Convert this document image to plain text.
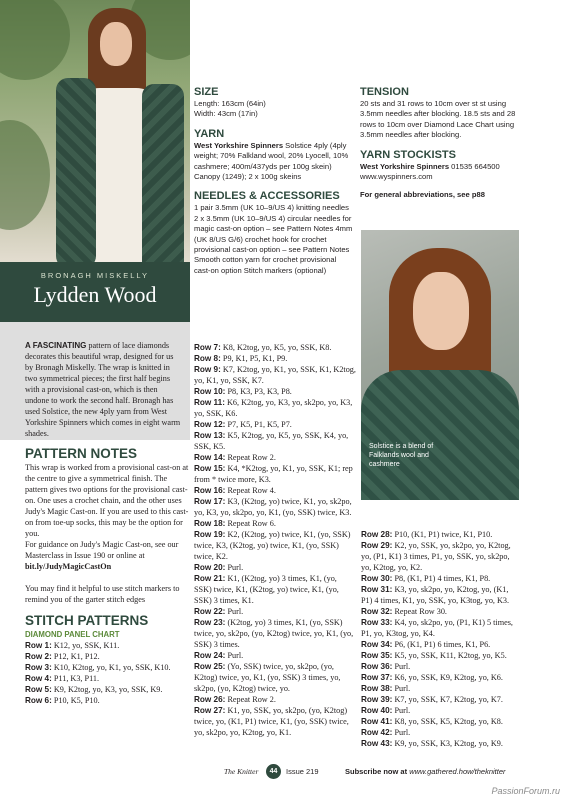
BRONAGH MISKELLY
Lydden Wood
A FASCINATING pattern of lace diamonds decorates this beautiful wrap, designed for us by Bronagh Miskelly. The wrap is knitted in two symmetrical pieces; the first half begins with a provisional cast-on, which is then undone to work the second half. Bronagh has used Solstice, the new 4ply yarn from West Yorkshire Spinners which comes in eight warm shades.
PATTERN NOTES
This wrap is worked from a provisional cast-on at the centre to give a symmetrical finish. The pattern gives two options for the provisional cast-on. One uses a crochet chain, and the other uses Judy's Magic Cast-on. If you are used to this cast-on from toe-up socks, this may be the option for you.
For guidance on Judy's Magic Cast-on, see our Masterclass in Issue 190 or online at
bit.ly/JudyMagicCastOn
You may find it helpful to use stitch markers to remind you of the garter stitch edges
STITCH PATTERNS
DIAMOND PANEL CHART
Row 1: K12, yo, SSK, K11.
Row 2: P12, K1, P12.
Row 3: K10, K2tog, yo, K1, yo, SSK, K10.
Row 4: P11, K3, P11.
Row 5: K9, K2tog, yo, K3, yo, SSK, K9.
Row 6: P10, K5, P10.
SIZE
Length: 163cm (64in)
Width: 43cm (17in)
YARN
West Yorkshire Spinners Solstice 4ply (4ply weight; 70% Falkland wool, 20% Lyocell, 10% cashmere; 400m/437yds per 100g skein) Canopy (1249); 2 x 100g skeins
NEEDLES & ACCESSORIES
1 pair 3.5mm (UK 10–9/US 4) knitting needles 2 x 3.5mm (UK 10–9/US 4) circular needles for magic cast-on option – see Pattern Notes 4mm (UK 8/US G/6) crochet hook for crochet provisional cast-on option – see Pattern Notes Smooth cotton yarn for crochet provisional cast-on option Stitch markers (optional)
TENSION
20 sts and 31 rows to 10cm over st st using 3.5mm needles after blocking. 18.5 sts and 28 rows to 10cm over Diamond Lace Chart using 3.5mm needles after blocking.
YARN STOCKISTS
West Yorkshire Spinners 01535 664500
www.wyspinners.com
For general abbreviations, see p88
Solstice is a blend of Falklands wool and cashmere
Row 7: K8, K2tog, yo, K5, yo, SSK, K8.
Row 8: P9, K1, P5, K1, P9.
Row 9: K7, K2tog, yo, K1, yo, SSK, K1, K2tog, yo, K1, yo, SSK, K7.
Row 10: P8, K3, P3, K3, P8.
Row 11: K6, K2tog, yo, K3, yo, sk2po, yo, K3, yo, SSK, K6.
Row 12: P7, K5, P1, K5, P7.
Row 13: K5, K2tog, yo, K5, yo, SSK, K4, yo, SSK, K5.
Row 14: Repeat Row 2.
Row 15: K4, *K2tog, yo, K1, yo, SSK, K1; rep from * twice more, K3.
Row 16: Repeat Row 4.
Row 17: K3, (K2tog, yo) twice, K1, yo, sk2po, yo, K3, yo, sk2po, yo, K1, (yo, SSK) twice, K3.
Row 18: Repeat Row 6.
Row 19: K2, (K2tog, yo) twice, K1, (yo, SSK) twice, K3, (K2tog, yo) twice, K1, (yo, SSK) twice, K2.
Row 20: Purl.
Row 21: K1, (K2tog, yo) 3 times, K1, (yo, SSK) twice, K1, (K2tog, yo) twice, K1, (yo, SSK) 3 times, K1.
Row 22: Purl.
Row 23: (K2tog, yo) 3 times, K1, (yo, SSK) twice, yo, sk2po, (yo, K2tog) twice, yo, K1, (yo, SSK) 3 times.
Row 24: Purl.
Row 25: (Yo, SSK) twice, yo, sk2po, (yo, K2tog) twice, yo, K1, (yo, SSK) 3 times, yo, sk2po, (yo, K2tog) twice, yo.
Row 26: Repeat Row 2.
Row 27: K1, yo, SSK, yo, sk2po, (yo, K2tog) twice, yo, (K1, P1) twice, K1, (yo, SSK) twice, yo, sk2po, yo, K2tog, yo, K1.
Row 28: P10, (K1, P1) twice, K1, P10.
Row 29: K2, yo, SSK, yo, sk2po, yo, K2tog, yo, (P1, K1) 3 times, P1, yo, SSK, yo, sk2po, yo, K2tog, yo, K2.
Row 30: P8, (K1, P1) 4 times, K1, P8.
Row 31: K3, yo, sk2po, yo, K2tog, yo, (K1, P1) 4 times, K1, yo, SSK, yo, K3tog, yo, K3.
Row 32: Repeat Row 30.
Row 33: K4, yo, sk2po, yo, (P1, K1) 5 times, P1, yo, K3tog, yo, K4.
Row 34: P6, (K1, P1) 6 times, K1, P6.
Row 35: K5, yo, SSK, K11, K2tog, yo, K5.
Row 36: Purl.
Row 37: K6, yo, SSK, K9, K2tog, yo, K6.
Row 38: Purl.
Row 39: K7, yo, SSK, K7, K2tog, yo, K7.
Row 40: Purl.
Row 41: K8, yo, SSK, K5, K2tog, yo, K8.
Row 42: Purl.
Row 43: K9, yo, SSK, K3, K2tog, yo, K9.
The Knitter	44	Issue 219	Subscribe now at www.gathered.how/theknitter
PassionForum.ru
